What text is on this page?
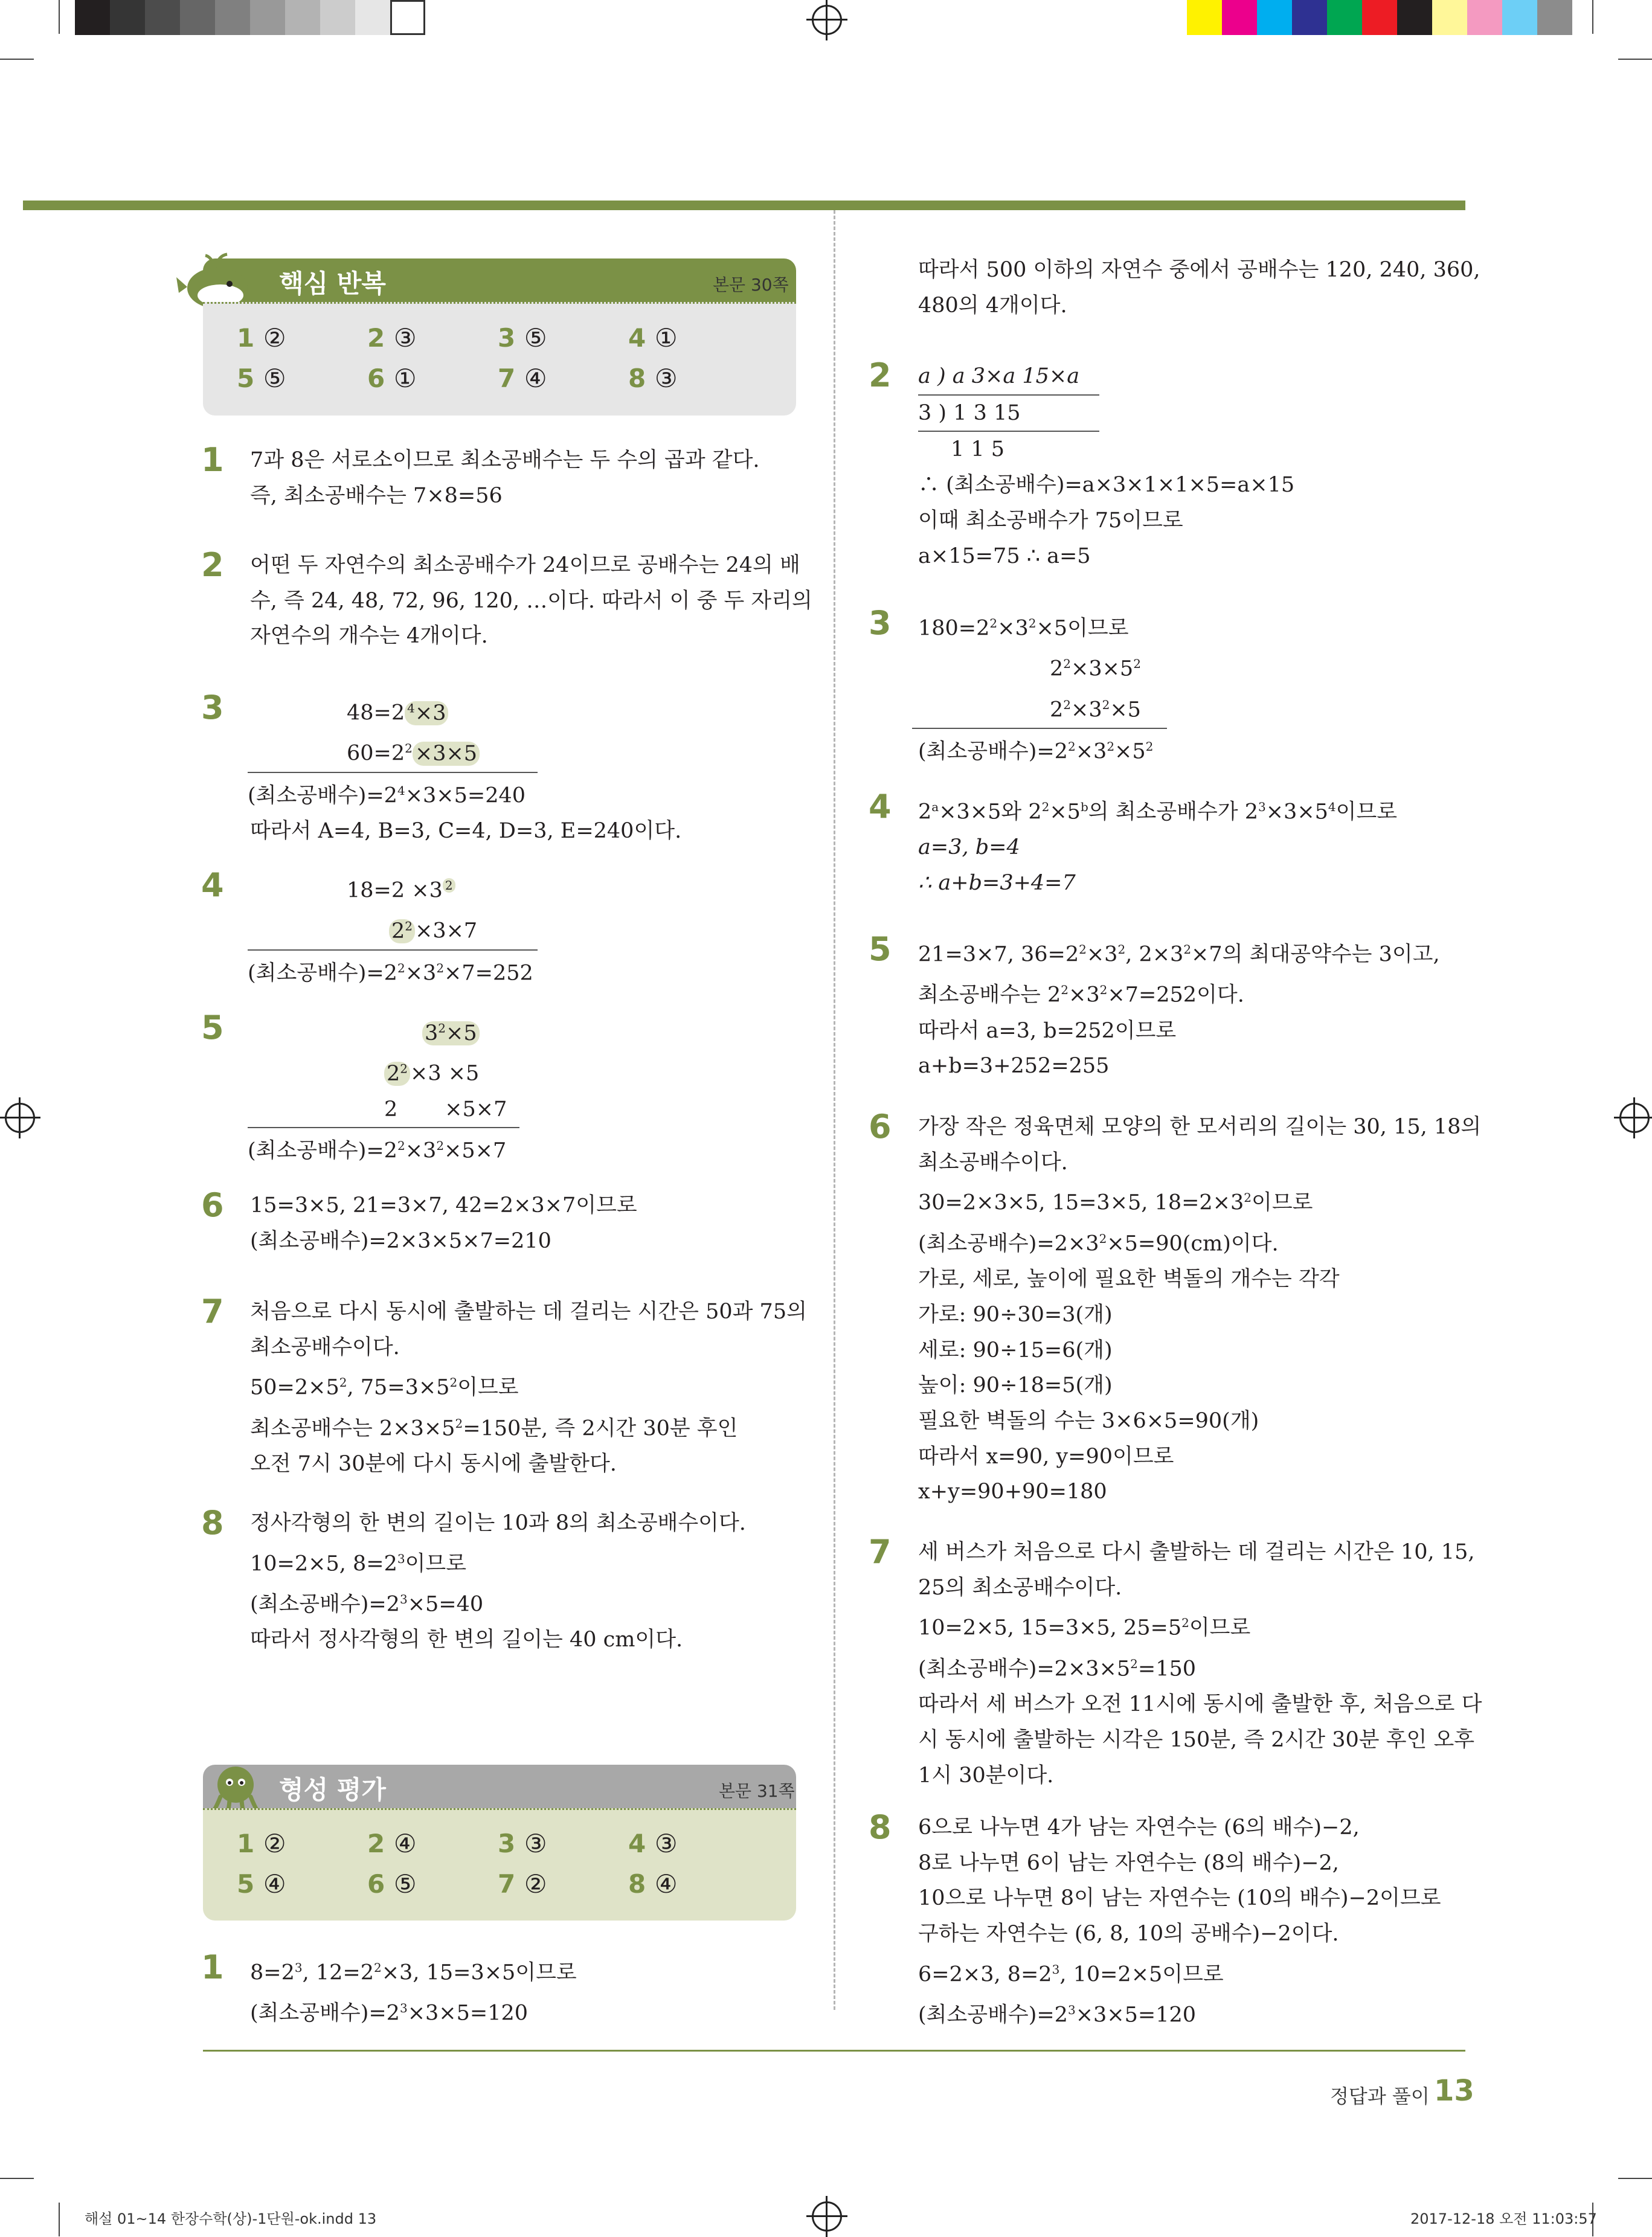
핵심 반복	본문 30쪽
1 ②	2 ③	3 ⑤	4 ①
5 ⑤	6 ①	7 ④	8 ③
1 7과 8은 서로소이므로 최소공배수는 두 수의 곱과 같다.
즉, 최소공배수는 7×8=56
2 어떤 두 자연수의 최소공배수가 24이므로 공배수는 24의 배
수, 즉 24, 48, 72, 96, 120, …이다. 따라서 이 중 두 자리의
자연수의 개수는 4개이다.
3	48=2 $^4$×3
$60=2^2 \times 3\times 5$
(최소공배수)$=2^4\times 3\times 5=240$
따라서 A=4, B=3, C=4, D=3, E=240이다.
4	18=2 ×3 $^2$
$2^2 \times 3\times 7$
(최소공배수)$=2^2\times 3^2\times 7=252$
5	$3^2\times 5$
$2^2 \times 3 \times 5$
2 ×5×7
(최소공배수)$=2^2\times 3^2\times 5\times 7$
6 15=3×5, 21=3×7, 42=2×3×7이므로
(최소공배수)=2×3×5×7=210
7 처음으로 다시 동시에 출발하는 데 걸리는 시간은 50과 75의
최소공배수이다.
$50=2\times 5^2$, $75=3\times 5^2$이므로
최소공배수는 $2\times 3\times 5^2=150$분, 즉 2시간 30분 후인
오전 7시 30분에 다시 동시에 출발한다.
8 정사각형의 한 변의 길이는 10과 8의 최소공배수이다.
10=2×5, $8=2^3$이므로
(최소공배수)$=2^3\times 5=40$
따라서 정사각형의 한 변의 길이는 40 cm이다.
형성 평가	본문 31쪽
1 ②	2 ④	3 ③	4 ③
5 ④	6 ⑤	7 ②	8 ④
1 $8=2^3$, $12=2^2\times 3$, 15=3×5이므로
(최소공배수)$=2^3\times 3\times 5=120$
따라서 500 이하의 자연수 중에서 공배수는 120, 240, 360,
480의 4개이다.
2 a ) a 3×a 15×a
3 ) 1 3 15
1 1 5
∴ (최소공배수)=a×3×1×1×5=a×15
이때 최소공배수가 75이므로
a×15=75 ∴ a=5
3 $180=2^2\times 3^2\times 5$이므로
$2^2\times 3\times 5^2$
$2^2\times 3^2\times 5$
(최소공배수)$=2^2\times 3^2\times 5^2$
4 $2^a\times 3\times 5$와 $2^2\times 5^b$의 최소공배수가 $2^3\times 3\times 5^4$이므로
a=3, b=4
∴ a+b=3+4=7
5 21=3×7, $36=2^2\times 3^2$, $2\times 3^2\times 7$의 최대공약수는 3이고,
최소공배수는 $2^2\times 3^2\times 7=252$이다.
따라서 a=3, b=252이므로
a+b=3+252=255
6 가장 작은 정육면체 모양의 한 모서리의 길이는 30, 15, 18의
최소공배수이다.
30=2×3×5, 15=3×5, $18=2\times 3^2$이므로
(최소공배수)$=2\times 3^2\times 5=90(cm)$이다.
가로, 세로, 높이에 필요한 벽돌의 개수는 각각
가로: 90÷30=3(개)
세로: 90÷15=6(개)
높이: 90÷18=5(개)
필요한 벽돌의 수는 3×6×5=90(개)
따라서 x=90, y=90이므로
x+y=90+90=180
7 세 버스가 처음으로 다시 출발하는 데 걸리는 시간은 10, 15,
25의 최소공배수이다.
10=2×5, 15=3×5, $25=5^2$이므로
(최소공배수)$=2\times 3\times 5^2=150$
따라서 세 버스가 오전 11시에 동시에 출발한 후, 처음으로 다
시 동시에 출발하는 시각은 150분, 즉 2시간 30분 후인 오후
1시 30분이다.
8 6으로 나누면 4가 남는 자연수는 (6의 배수)−2,
8로 나누면 6이 남는 자연수는 (8의 배수)−2,
10으로 나누면 8이 남는 자연수는 (10의 배수)−2이므로
구하는 자연수는 (6, 8, 10의 공배수)−2이다.
6=2×3, $8=2^3$, 10=2×5이므로
(최소공배수)$=2^3\times 3\times 5=120$
정답과 풀이 13
해설 01~14 한장수학(상)-1단원-ok.indd 13	2017-12-18 오전 11:03:57
